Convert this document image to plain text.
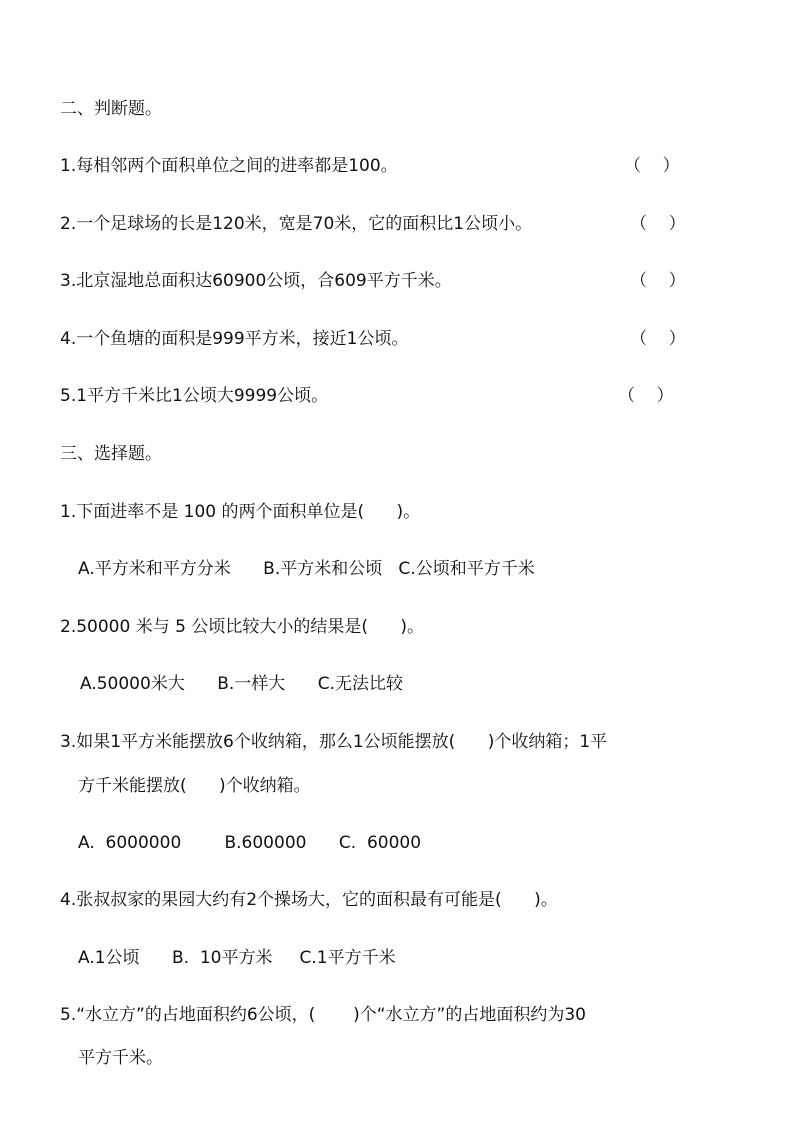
二、判断题。
1.每相邻两个面积单位之间的进率都是100。	（    ）
2.一个足球场的长是120米，宽是70米，它的面积比1公顷小。	（    ）
3.北京湿地总面积达60900公顷，合609平方千米。	（    ）
4.一个鱼塘的面积是999平方米，接近1公顷。	（    ）
5.1平方千米比1公顷大9999公顷。	（    ）
三、选择题。
1.下面进率不是 100 的两个面积单位是(      )。
A.平方米和平方分米      B.平方米和公顷   C.公顷和平方千米
2.50000 米与 5 公顷比较大小的结果是(      )。
A.50000米大      B.一样大      C.无法比较
3.如果1平方米能摆放6个收纳箱，那么1公顷能摆放(      )个收纳箱；1平
方千米能摆放(      )个收纳箱。
A.  6000000        B.600000      C.  60000
4.张叔叔家的果园大约有2个操场大，它的面积最有可能是(      )。
A.1公顷      B.  10平方米     C.1平方千米
5.“水立方”的占地面积约6公顷，(       )个“水立方”的占地面积约为30
平方千米。
